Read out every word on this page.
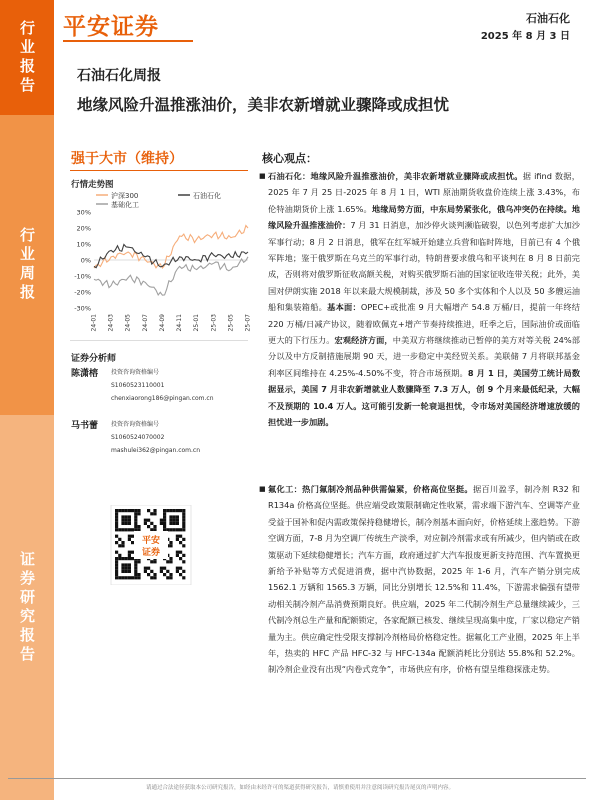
行业报告
行业周报
证券研究报告
平安证券	石油石化
2025 年 8 月 3 日
石油石化周报
地缘风险升温推涨油价，美非农新增就业骤降或成担忧
强于大市（维持）
行情走势图
沪深300	石油石化
基础化工
30%
20%
10%
0%
-10%
-20%
-30%
24-01 24-03 24-05 24-07 24-09 24-11 25-01 25-03 25-05 25-07
证券分析师
陈潇榕 投资咨询资格编号
S1060523110001
chenxiaorong186@pingan.com.cn
马书蕾 投资咨询资格编号
S1060524070002
mashulei362@pingan.com.cn
平安
证券
核心观点：
■ 石油石化：地缘风险升温推涨油价，美非农新增就业骤降或成担忧。据 ifind 数据，2025 年 7 月 25 日-2025 年 8 月 1 日，WTI 原油期货收盘价连续上涨 3.43%，布伦特油期货价上涨 1.65%。地缘局势方面，中东局势紧张化，俄乌冲突仍在持续。地缘风险升温推涨油价：7 月 31 日消息，加沙停火谈判濒临破裂，以色列考虑扩大加沙军事行动；8 月 2 日消息，俄军在红军城开始建立兵营和临时阵地，目前已有 4 个俄军阵地；鉴于俄罗斯在乌克兰的军事行动，特朗普要求俄乌和平谈判在 8 月 8 日前完成，否则将对俄罗斯征收高额关税，对购买俄罗斯石油的国家征收连带关税；此外，美国对伊朗实施 2018 年以来最大规模制裁，涉及 50 多个实体和个人以及 50 多艘运油船和集装箱船。基本面：OPEC+或批准 9 月大幅增产 54.8 万桶/日，提前一年终结 220 万桶/日减产协议，随着欧佩克+增产节奏持续推进，旺季之后，国际油价或面临更大的下行压力。宏观经济方面，中美双方将继续推动已暂停的美方对等关税 24%部分以及中方反制措施展期 90 天，进一步稳定中美经贸关系。美联储 7 月将联邦基金利率区间维持在 4.25%-4.50%不变，符合市场预期。8 月 1 日，美国劳工统计局数据显示，美国 7 月非农新增就业人数骤降至 7.3 万人，创 9 个月来最低纪录，大幅不及预期的 10.4 万人。这可能引发新一轮衰退担忧，令市场对美国经济增速放缓的担忧进一步加剧。
■ 氟化工：热门氟制冷剂品种供需偏紧，价格高位坚挺。据百川盈孚，制冷剂 R32 和 R134a 价格高位坚挺。供应端受政策限制确定性收紧，需求端下游汽车、空调等产业受益于国补和促内需政策保持稳健增长，制冷剂基本面向好，价格延续上涨趋势。下游空调方面，7-8 月为空调厂传统生产淡季，对应制冷剂需求或有所减少，但内销或在政策驱动下延续稳健增长；汽车方面，政府通过扩大汽车报废更新支持范围、汽车置换更新给予补贴等方式促进消费，据中汽协数据，2025 年 1-6 月，汽车产销分别完成 1562.1 万辆和 1565.3 万辆，同比分别增长 12.5%和 11.4%，下游需求偏强有望带动相关制冷剂产品消费预期良好。供应端，2025 年二代制冷剂生产总量继续减少，三代制冷剂总生产量和配额锁定，各家配额已核发、继续呈现高集中度，厂家以稳定产销量为主。供应确定性受限支撑制冷剂格局价格稳定性。据氟化工产业圈，2025 年上半年，热卖的 HFC 产品 HFC-32 与 HFC-134a 配额消耗比分别达 55.8%和 52.2%。制冷剂企业没有出现“内卷式竞争”，市场供应有序，价格有望呈维稳探涨走势。
请通过合法途径获取本公司研究报告，如经由未经许可的渠道获得研究报告，请慎重使用并注意阅读研究报告尾页的声明内容。
